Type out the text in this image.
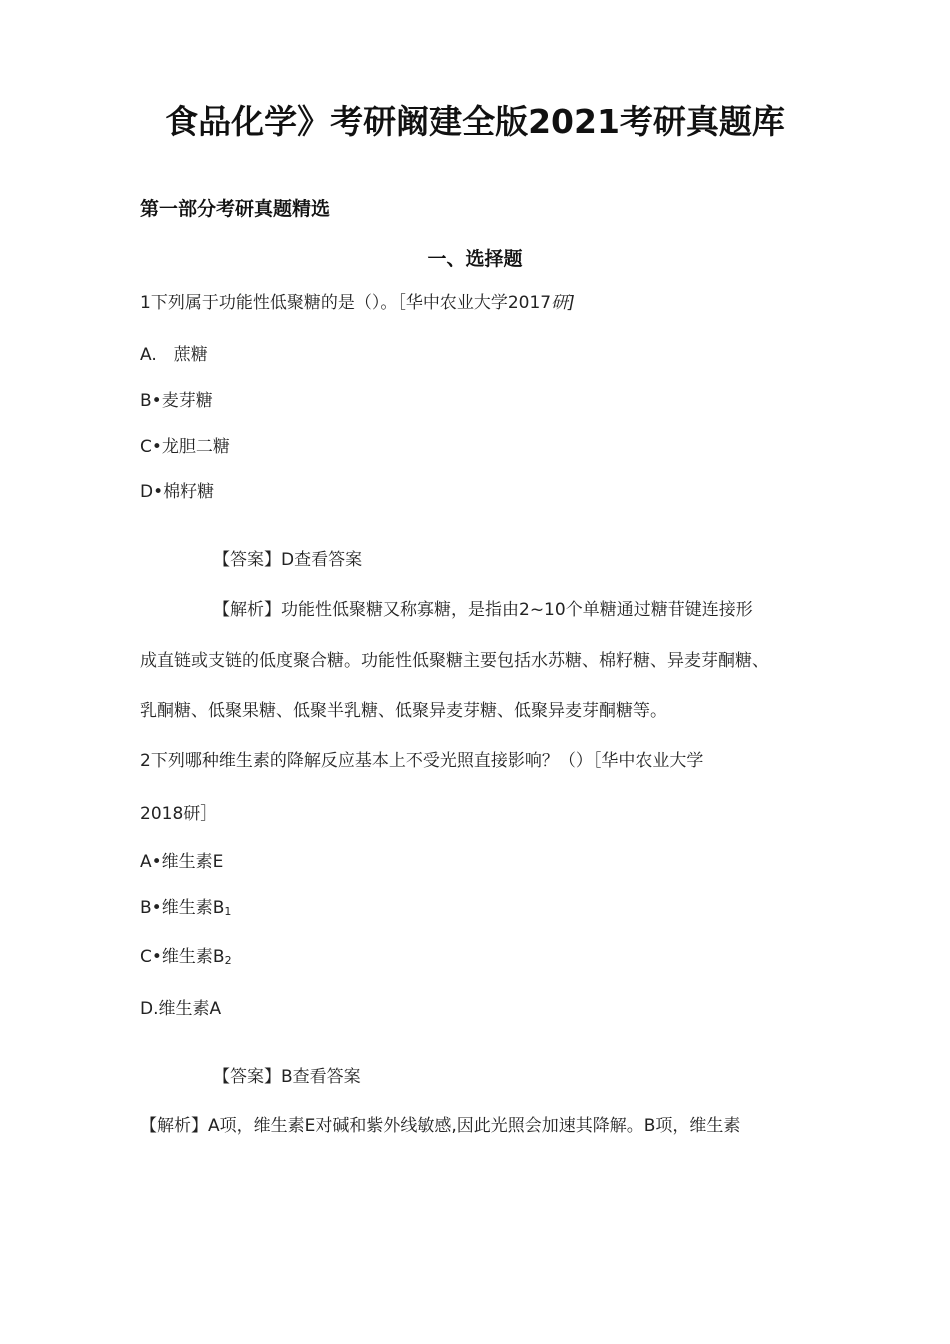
食品化学》考研阚建全版2021考研真题库
第一部分考研真题精选
一、选择题
1下列属于功能性低聚糖的是（）。［华中农业大学2017研]
A.　蔗糖
B•麦芽糖
C•龙胆二糖
D•棉籽糖
【答案】D查看答案
【解析】功能性低聚糖又称寡糖，是指由2~10个单糖通过糖苷键连接形
成直链或支链的低度聚合糖。功能性低聚糖主要包括水苏糖、棉籽糖、异麦芽酮糖、
乳酮糖、低聚果糖、低聚半乳糖、低聚异麦芽糖、低聚异麦芽酮糖等。
2下列哪种维生素的降解反应基本上不受光照直接影响？（）［华中农业大学
2018研］
A•维生素E
B•维生素$B_1$
C•维生素$B_2$
D.维生素A
【答案】B查看答案
【解析】A项，维生素E对碱和紫外线敏感,因此光照会加速其降解。B项，维生素
